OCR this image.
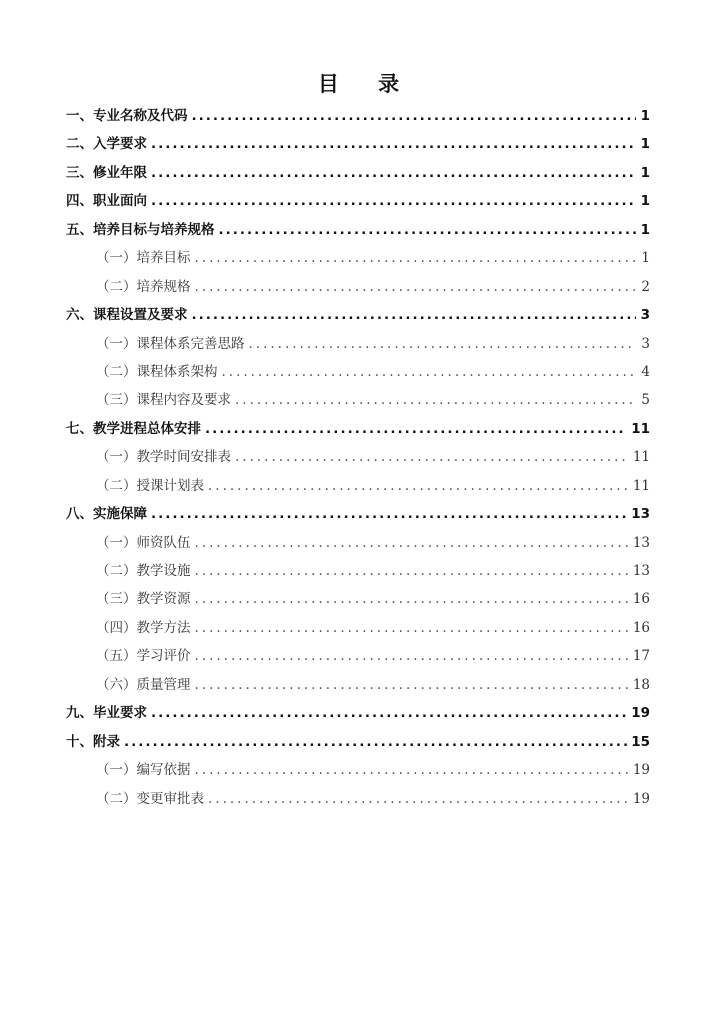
目 录
一、专业名称及代码 .....	1
二、入学要求 .....	1
三、修业年限 .....	1
四、职业面向 .....	1
五、培养目标与培养规格 .....	1
（一）培养目标 .....	1
（二）培养规格 .....	2
六、课程设置及要求 .....	3
（一）课程体系完善思路 .....	3
（二）课程体系架构 .....	4
（三）课程内容及要求 .....	5
七、教学进程总体安排 .....	11
（一）教学时间安排表 .....	11
（二）授课计划表 .....	11
八、实施保障 .....	13
（一）师资队伍 .....	13
（二）教学设施 .....	13
（三）教学资源 .....	16
（四）教学方法 .....	16
（五）学习评价 .....	17
（六）质量管理 .....	18
九、毕业要求 .....	19
十、附录 .....	15
（一）编写依据 .....	19
（二）变更审批表 .....	19
